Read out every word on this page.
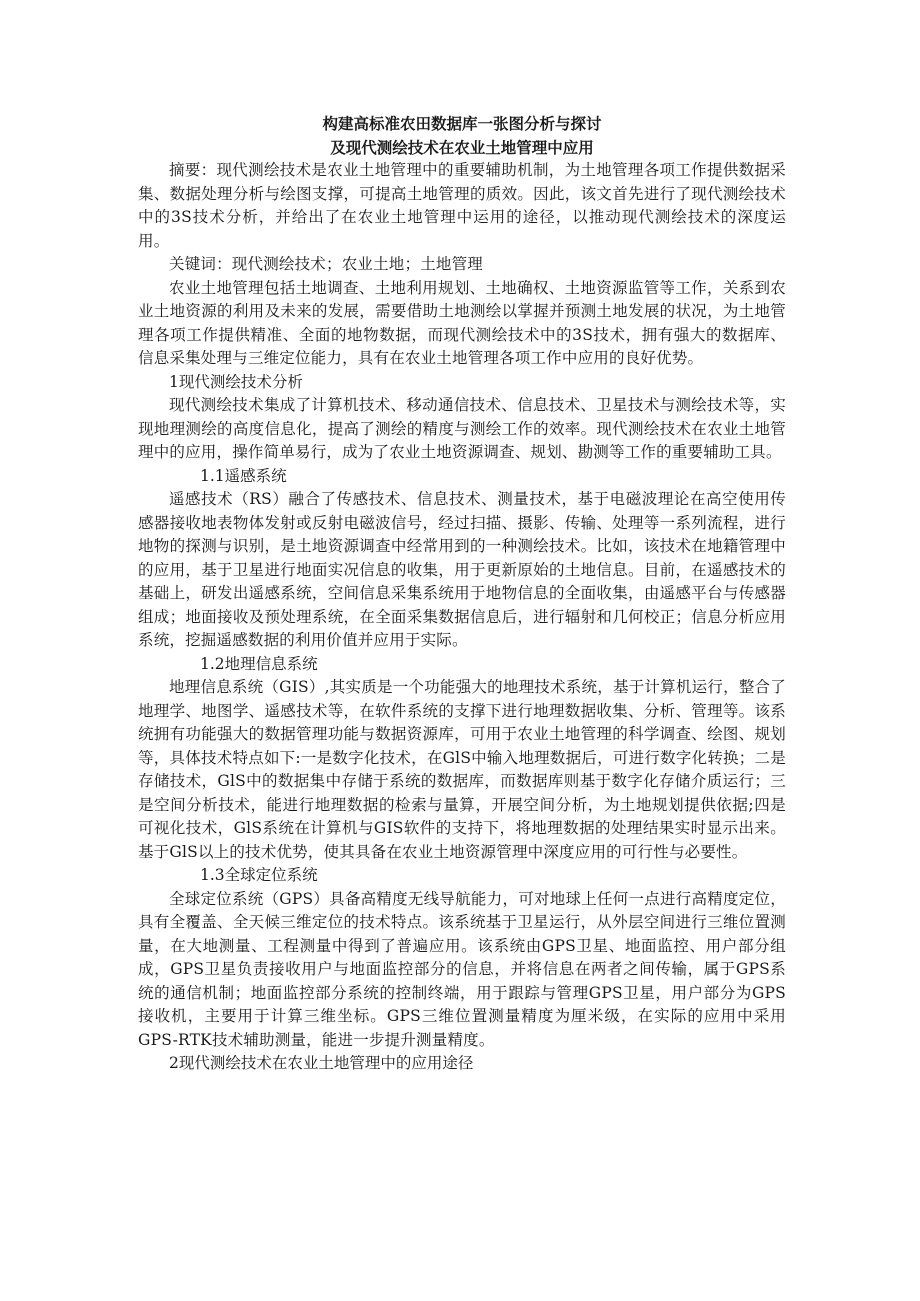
构建高标准农田数据库一张图分析与探讨
及现代测绘技术在农业土地管理中应用

摘要：现代测绘技术是农业土地管理中的重要辅助机制，为土地管理各项工作提供数据采集、数据处理分析与绘图支撑，可提高土地管理的质效。因此，该文首先进行了现代测绘技术中的3S技术分析，并给出了在农业土地管理中运用的途径，以推动现代测绘技术的深度运用。

关键词：现代测绘技术；农业土地；土地管理

农业土地管理包括土地调查、土地利用规划、土地确权、土地资源监管等工作，关系到农业土地资源的利用及未来的发展，需要借助土地测绘以掌握并预测土地发展的状况，为土地管理各项工作提供精准、全面的地物数据，而现代测绘技术中的3S技术，拥有强大的数据库、信息采集处理与三维定位能力，具有在农业土地管理各项工作中应用的良好优势。

1现代测绘技术分析

现代测绘技术集成了计算机技术、移动通信技术、信息技术、卫星技术与测绘技术等，实现地理测绘的高度信息化，提高了测绘的精度与测绘工作的效率。现代测绘技术在农业土地管理中的应用，操作简单易行，成为了农业土地资源调查、规划、勘测等工作的重要辅助工具。

1.1遥感系统

遥感技术（RS）融合了传感技术、信息技术、测量技术，基于电磁波理论在高空使用传感器接收地表物体发射或反射电磁波信号，经过扫描、摄影、传输、处理等一系列流程，进行地物的探测与识别，是土地资源调查中经常用到的一种测绘技术。比如，该技术在地籍管理中的应用，基于卫星进行地面实况信息的收集，用于更新原始的土地信息。目前，在遥感技术的基础上，研发出遥感系统，空间信息采集系统用于地物信息的全面收集，由遥感平台与传感器组成；地面接收及预处理系统，在全面采集数据信息后，进行辐射和几何校正；信息分析应用系统，挖掘遥感数据的利用价值并应用于实际。

1.2地理信息系统

地理信息系统（GIS）,其实质是一个功能强大的地理技术系统，基于计算机运行，整合了地理学、地图学、遥感技术等，在软件系统的支撑下进行地理数据收集、分析、管理等。该系统拥有功能强大的数据管理功能与数据资源库，可用于农业土地管理的科学调查、绘图、规划等，具体技术特点如下:一是数字化技术，在GlS中输入地理数据后，可进行数字化转换；二是存储技术，GlS中的数据集中存储于系统的数据库，而数据库则基于数字化存储介质运行；三是空间分析技术，能进行地理数据的检索与量算，开展空间分析，为土地规划提供依据;四是可视化技术，GlS系统在计算机与GIS软件的支持下，将地理数据的处理结果实时显示出来。基于GlS以上的技术优势，使其具备在农业土地资源管理中深度应用的可行性与必要性。

1.3全球定位系统

全球定位系统（GPS）具备高精度无线导航能力，可对地球上任何一点进行高精度定位，具有全覆盖、全天候三维定位的技术特点。该系统基于卫星运行，从外层空间进行三维位置测量，在大地测量、工程测量中得到了普遍应用。该系统由GPS卫星、地面监控、用户部分组成，GPS卫星负责接收用户与地面监控部分的信息，并将信息在两者之间传输，属于GPS系统的通信机制；地面监控部分系统的控制终端，用于跟踪与管理GPS卫星，用户部分为GPS接收机，主要用于计算三维坐标。GPS三维位置测量精度为厘米级，在实际的应用中采用GPS-RTK技术辅助测量，能进一步提升测量精度。

2现代测绘技术在农业土地管理中的应用途径
